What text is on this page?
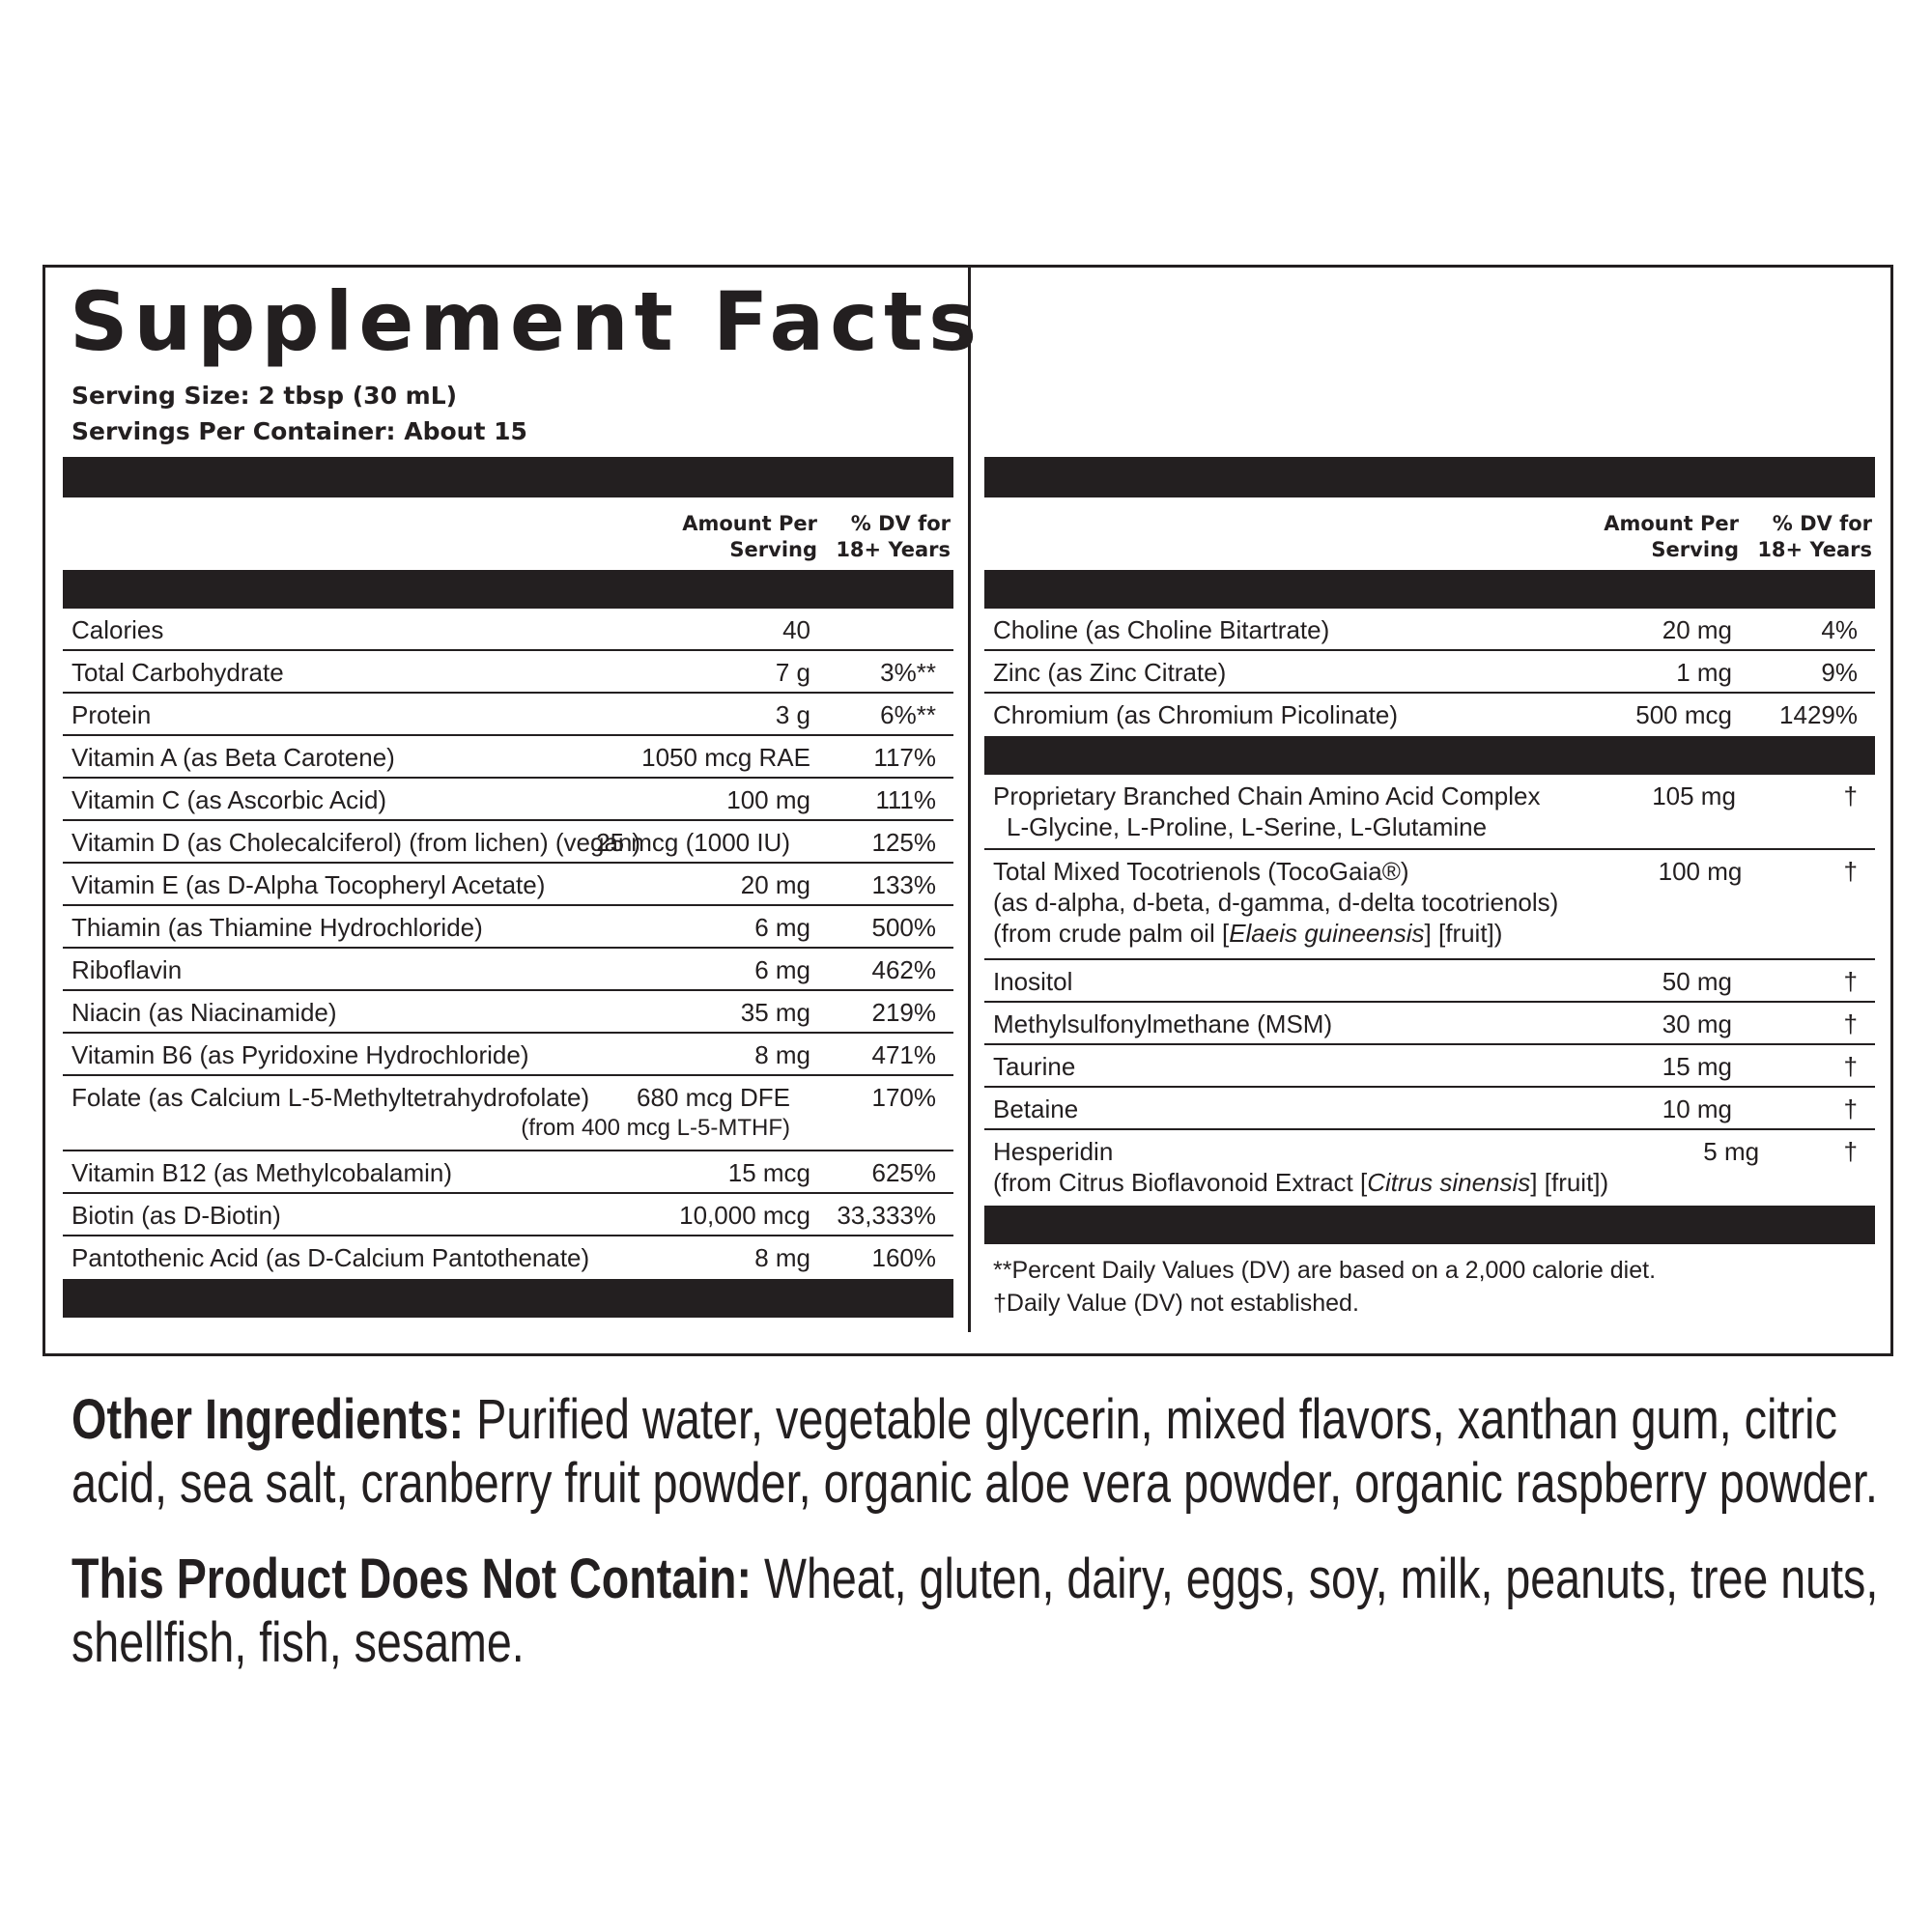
Supplement Facts
Serving Size: 2 tbsp (30 mL)
Servings Per Container: About 15
Amount Per
Serving
% DV for
18+ Years
Calories	40
Total Carbohydrate	7 g	3%**
Protein	3 g	6%**
Vitamin A (as Beta Carotene)	1050 mcg RAE	117%
Vitamin C (as Ascorbic Acid)	100 mg	111%
Vitamin D (as Cholecalciferol) (from lichen) (vegan)
25 mcg (1000 IU)	125%
Vitamin E (as D-Alpha Tocopheryl Acetate)	20 mg	133%
Thiamin (as Thiamine Hydrochloride)	6 mg	500%
Riboflavin	6 mg	462%
Niacin (as Niacinamide)	35 mg	219%
Vitamin B6 (as Pyridoxine Hydrochloride)	8 mg	471%
Folate (as Calcium L-5-Methyltetrahydrofolate)	680 mcg DFE
(from 400 mcg L-5-MTHF)
170%
Vitamin B12 (as Methylcobalamin)	15 mcg	625%
Biotin (as D-Biotin)	10,000 mcg 33,333%
Pantothenic Acid (as D-Calcium Pantothenate)	8 mg	160%
Amount Per
Serving
% DV for
18+ Years
Choline (as Choline Bitartrate)	20 mg	4%
Zinc (as Zinc Citrate)	1 mg	9%
Chromium (as Chromium Picolinate)	500 mcg	1429%
Proprietary Branched Chain Amino Acid Complex
L-Glycine, L-Proline, L-Serine, L-Glutamine
105 mg	†
Total Mixed Tocotrienols (TocoGaia®)
(as d-alpha, d-beta, d-gamma, d-delta tocotrienols)
(from crude palm oil [Elaeis guineensis] [fruit])
100 mg	†
Inositol	50 mg	†
Methylsulfonylmethane (MSM)	30 mg	†
Taurine	15 mg	†
Betaine	10 mg	†
Hesperidin
(from Citrus Bioflavonoid Extract [Citrus sinensis] [fruit])
5 mg	†
**Percent Daily Values (DV) are based on a 2,000 calorie diet.
†Daily Value (DV) not established.
Other Ingredients: Purified water, vegetable glycerin, mixed flavors, xanthan gum, citric
acid, sea salt, cranberry fruit powder, organic aloe vera powder, organic raspberry powder.
This Product Does Not Contain: Wheat, gluten, dairy, eggs, soy, milk, peanuts, tree nuts,
shellfish, fish, sesame.
